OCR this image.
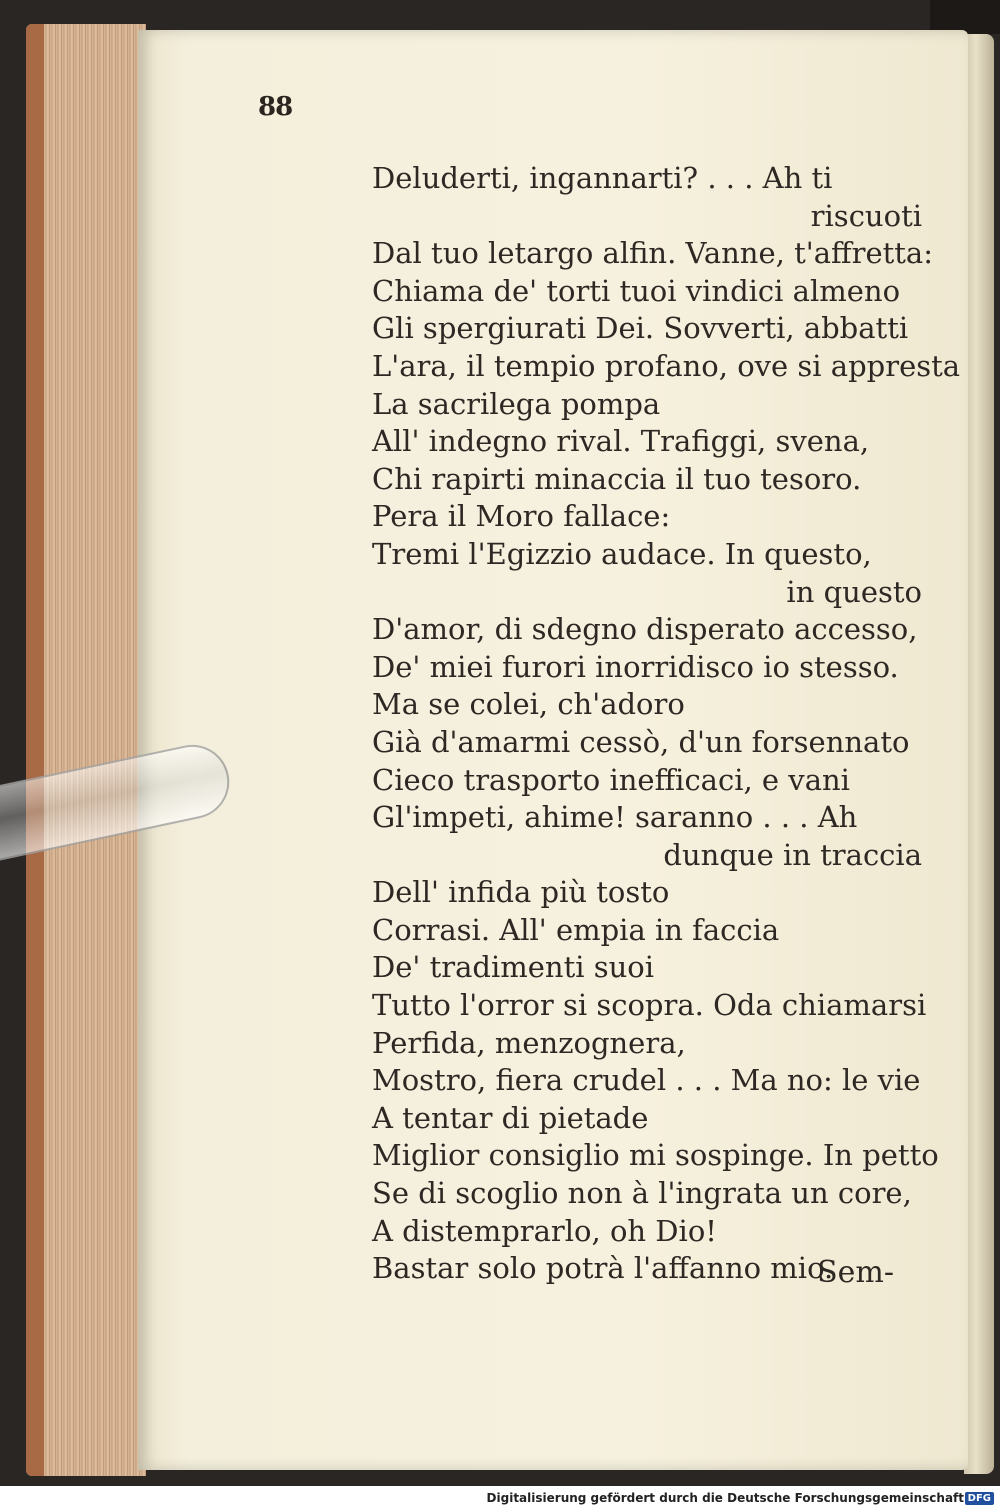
88
Deluderti, ingannarti? . . . Ah ti
riscuoti
Dal tuo letargo alfin. Vanne, t'affretta:
Chiama de' torti tuoi vindici almeno
Gli spergiurati Dei. Sovverti, abbatti
L'ara, il tempio profano, ove si appresta
La sacrilega pompa
All' indegno rival. Trafiggi, svena,
Chi rapirti minaccia il tuo tesoro.
Pera il Moro fallace:
Tremi l'Egizzio audace. In questo,
in questo
D'amor, di sdegno disperato accesso,
De' miei furori inorridisco io stesso.
Ma se colei, ch'adoro
Già d'amarmi cessò, d'un forsennato
Cieco trasporto inefficaci, e vani
Gl'impeti, ahime! saranno . . . Ah
dunque in traccia
Dell' infida più tosto
Corrasi. All' empia in faccia
De' tradimenti suoi
Tutto l'orror si scopra. Oda chiamarsi
Perfida, menzognera,
Mostro, fiera crudel . . . Ma no: le vie
A tentar di pietade
Miglior consiglio mi sospinge. In petto
Se di scoglio non à l'ingrata un core,
A distemprarlo, oh Dio!
Bastar solo potrà l'affanno mio.
Sem-
Digitalisierung gefördert durch die Deutsche Forschungsgemeinschaft DFG
